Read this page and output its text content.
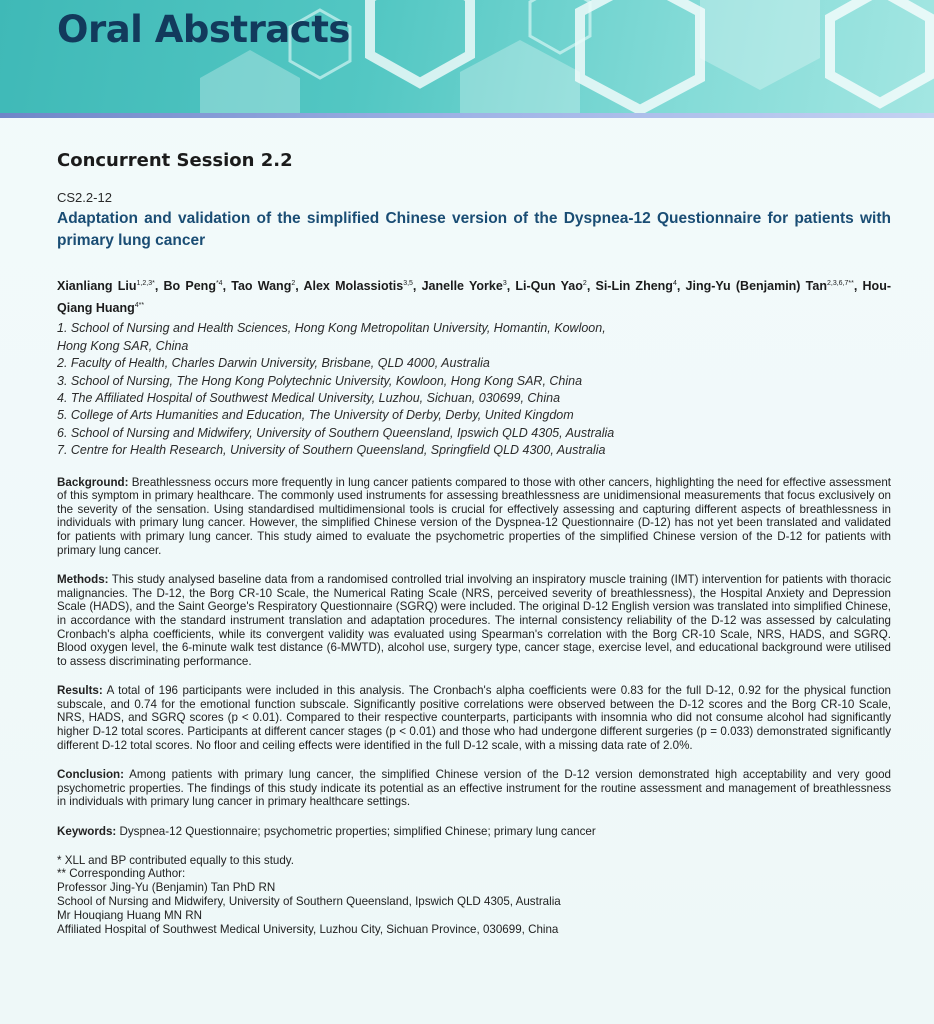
Oral Abstracts
Concurrent Session 2.2

CS2.2-12

Adaptation and validation of the simplified Chinese version of the Dyspnea-12 Questionnaire for patients with primary lung cancer

Xianliang Liu$^{1,2,3*}$, Bo Peng$^{*4}$, Tao Wang$^2$, Alex Molassiotis$^{3,5}$, Janelle Yorke$^3$, Li-Qun Yao$^2$, Si-Lin Zheng$^4$, Jing-Yu (Benjamin) Tan$^{2,3,6,7**}$, Hou-Qiang Huang$^{4**}$

1. School of Nursing and Health Sciences, Hong Kong Metropolitan University, Homantin, Kowloon,
Hong Kong SAR, China
2. Faculty of Health, Charles Darwin University, Brisbane, QLD 4000, Australia
3. School of Nursing, The Hong Kong Polytechnic University, Kowloon, Hong Kong SAR, China
4. The Affiliated Hospital of Southwest Medical University, Luzhou, Sichuan, 030699, China
5. College of Arts Humanities and Education, The University of Derby, Derby, United Kingdom
6. School of Nursing and Midwifery, University of Southern Queensland, Ipswich QLD 4305, Australia
7. Centre for Health Research, University of Southern Queensland, Springfield QLD 4300, Australia

Background: Breathlessness occurs more frequently in lung cancer patients compared to those with other cancers, highlighting the need for effective assessment of this symptom in primary healthcare. The commonly used instruments for assessing breathlessness are unidimensional measurements that focus exclusively on the severity of the sensation. Using standardised multidimensional tools is crucial for effectively assessing and capturing different aspects of breathlessness in individuals with primary lung cancer. However, the simplified Chinese version of the Dyspnea-12 Questionnaire (D-12) has not yet been translated and validated for patients with primary lung cancer. This study aimed to evaluate the psychometric properties of the simplified Chinese version of the D-12 for patients with primary lung cancer.

Methods: This study analysed baseline data from a randomised controlled trial involving an inspiratory muscle training (IMT) intervention for patients with thoracic malignancies. The D-12, the Borg CR-10 Scale, the Numerical Rating Scale (NRS, perceived severity of breathlessness), the Hospital Anxiety and Depression Scale (HADS), and the Saint George's Respiratory Questionnaire (SGRQ) were included. The original D-12 English version was translated into simplified Chinese, in accordance with the standard instrument translation and adaptation procedures. The internal consistency reliability of the D-12 was assessed by calculating Cronbach's alpha coefficients, while its convergent validity was evaluated using Spearman's correlation with the Borg CR-10 Scale, NRS, HADS, and SGRQ. Blood oxygen level, the 6-minute walk test distance (6-MWTD), alcohol use, surgery type, cancer stage, exercise level, and educational background were utilised to assess discriminating performance.

Results: A total of 196 participants were included in this analysis. The Cronbach's alpha coefficients were 0.83 for the full D-12, 0.92 for the physical function subscale, and 0.74 for the emotional function subscale. Significantly positive correlations were observed between the D-12 scores and the Borg CR-10 Scale, NRS, HADS, and SGRQ scores (p < 0.01). Compared to their respective counterparts, participants with insomnia who did not consume alcohol had significantly higher D-12 total scores. Participants at different cancer stages (p < 0.01) and those who had undergone different surgeries (p = 0.033) demonstrated significantly different D-12 total scores. No floor and ceiling effects were identified in the full D-12 scale, with a missing data rate of 2.0%.

Conclusion: Among patients with primary lung cancer, the simplified Chinese version of the D-12 version demonstrated high acceptability and very good psychometric properties. The findings of this study indicate its potential as an effective instrument for the routine assessment and management of breathlessness in individuals with primary lung cancer in primary healthcare settings.

Keywords: Dyspnea-12 Questionnaire; psychometric properties; simplified Chinese; primary lung cancer

* XLL and BP contributed equally to this study.
** Corresponding Author:
Professor Jing-Yu (Benjamin) Tan PhD RN
School of Nursing and Midwifery, University of Southern Queensland, Ipswich QLD 4305, Australia
Mr Houqiang Huang MN RN
Affiliated Hospital of Southwest Medical University, Luzhou City, Sichuan Province, 030699, China
